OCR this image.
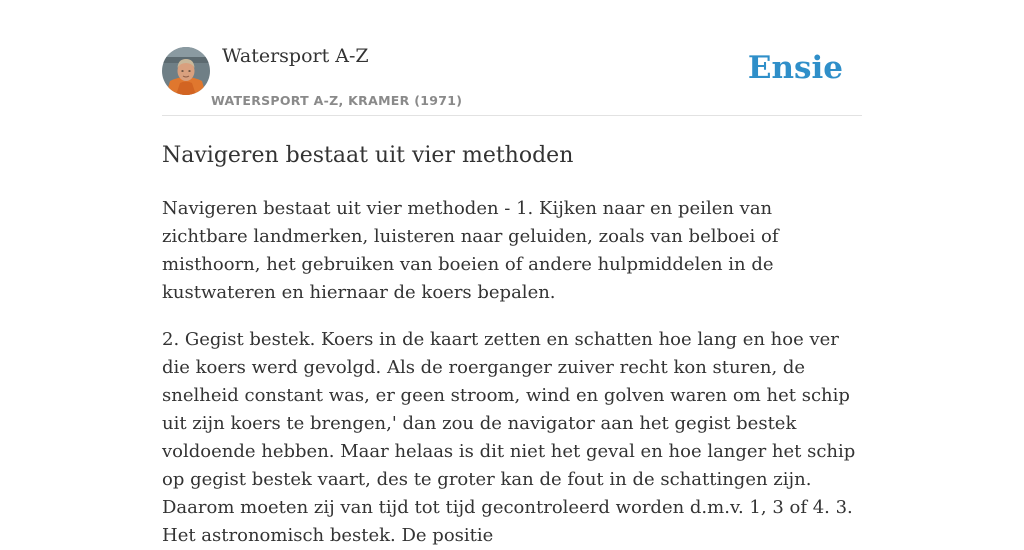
Watersport A-Z
WATERSPORT A-Z, KRAMER (1971)
Ensie
Navigeren bestaat uit vier methoden

Navigeren bestaat uit vier methoden - 1. Kijken naar en peilen van zichtbare landmerken, luisteren naar geluiden, zoals van belboei of misthoorn, het gebruiken van boeien of andere hulpmiddelen in de kustwateren en hiernaar de koers bepalen.

2. Gegist bestek. Koers in de kaart zetten en schatten hoe lang en hoe ver die koers werd gevolgd. Als de roerganger zuiver recht kon sturen, de snelheid constant was, er geen stroom, wind en golven waren om het schip uit zijn koers te brengen,' dan zou de navigator aan het gegist bestek voldoende hebben. Maar helaas is dit niet het geval en hoe langer het schip op gegist bestek vaart, des te groter kan de fout in de schattingen zijn. Daarom moeten zij van tijd tot tijd gecontroleerd worden d.m.v. 1, 3 of 4. 3. Het astronomisch bestek. De positie
